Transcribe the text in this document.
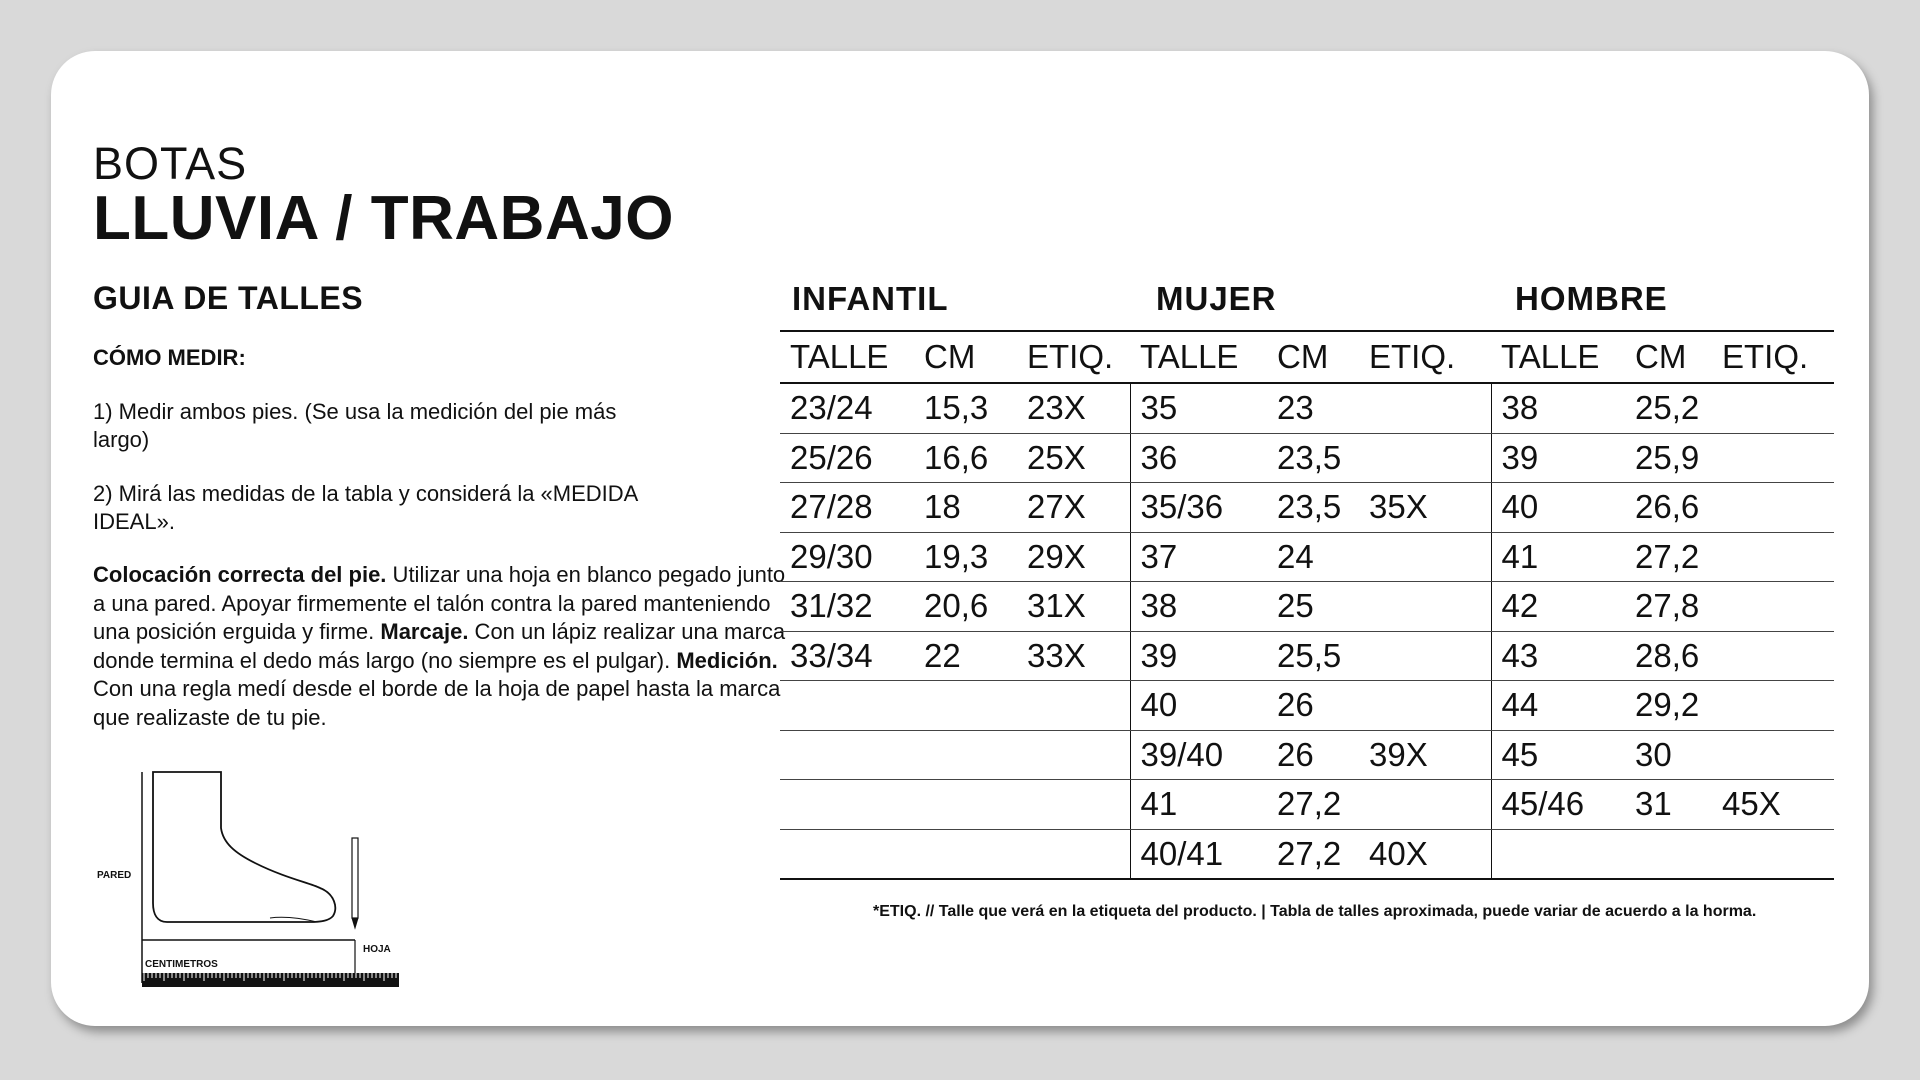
BOTAS

LLUVIA / TRABAJO

GUIA DE TALLES

CÓMO MEDIR:

1) Medir ambos pies. (Se usa la medición del pie más largo)

2) Mirá las medidas de la tabla y considerá la «MEDIDA IDEAL».

Colocación correcta del pie. Utilizar una hoja en blanco pegado junto a una pared. Apoyar firmemente el talón contra la pared manteniendo una posición erguida y firme. Marcaje. Con un lápiz realizar una marca donde termina el dedo más largo (no siempre es el pulgar). Medición. Con una regla medí desde el borde de la hoja de papel hasta la marca que realizaste de tu pie.

PARED
HOJA
CENTIMETROS

INFANTIL	MUJER	HOMBRE

TALLE	CM	ETIQ.	TALLE	CM	ETIQ.	TALLE	CM	ETIQ.
23/24	15,3	23X	35	23		38	25,2	
25/26	16,6	25X	36	23,5		39	25,9	
27/28	18	27X	35/36	23,5	35X	40	26,6	
29/30	19,3	29X	37	24		41	27,2	
31/32	20,6	31X	38	25		42	27,8	
33/34	22	33X	39	25,5		43	28,6	
			40	26		44	29,2	
			39/40	26	39X	45	30	
			41	27,2		45/46	31	45X
			40/41	27,2	40X			

*ETIQ. // Talle que verá en la etiqueta del producto. | Tabla de talles aproximada, puede variar de acuerdo a la horma.
